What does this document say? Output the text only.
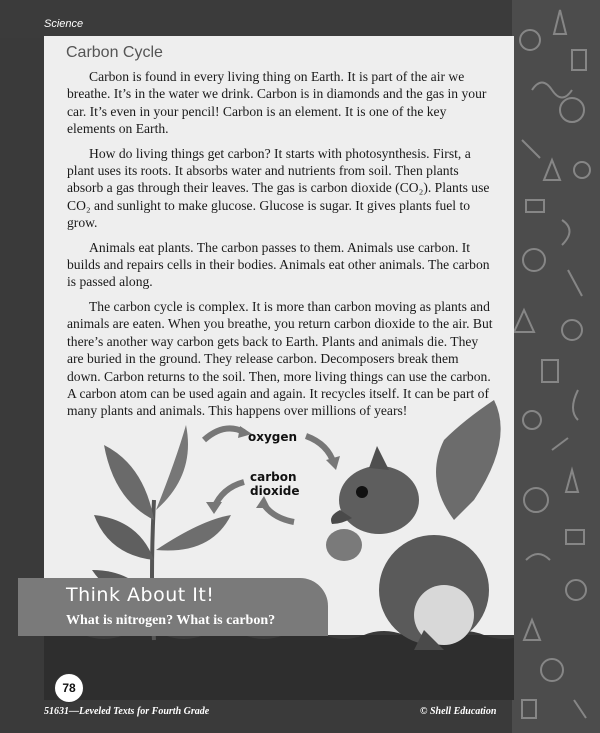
Science
Carbon Cycle

Carbon is found in every living thing on Earth. It is part of the air we breathe. It’s in the water we drink. Carbon is in diamonds and the gas in your car. It’s even in your pencil! Carbon is an element. It is one of the key elements on Earth.

How do living things get carbon? It starts with photosynthesis. First, a plant uses its roots. It absorbs water and nutrients from soil. Then plants absorb a gas through their leaves. The gas is carbon dioxide (CO₂). Plants use CO₂ and sunlight to make glucose. Glucose is sugar. It gives plants fuel to grow.

Animals eat plants. The carbon passes to them. Animals use carbon. It builds and repairs cells in their bodies. Animals eat other animals. The carbon is passed along.

The carbon cycle is complex. It is more than carbon moving as plants and animals are eaten. When you breathe, you return carbon dioxide to the air. But there’s another way carbon gets back to Earth. Plants and animals die. They are buried in the ground. They release carbon. Decomposers break them down. Carbon returns to the soil. Then, more living things can use the carbon. A carbon atom can be used again and again. It recycles itself. It can be part of many plants and animals. This happens over millions of years!

oxygen
carbon dioxide
Think About It!
What is nitrogen? What is carbon?
78
51631—Leveled Texts for Fourth Grade	© Shell Education
